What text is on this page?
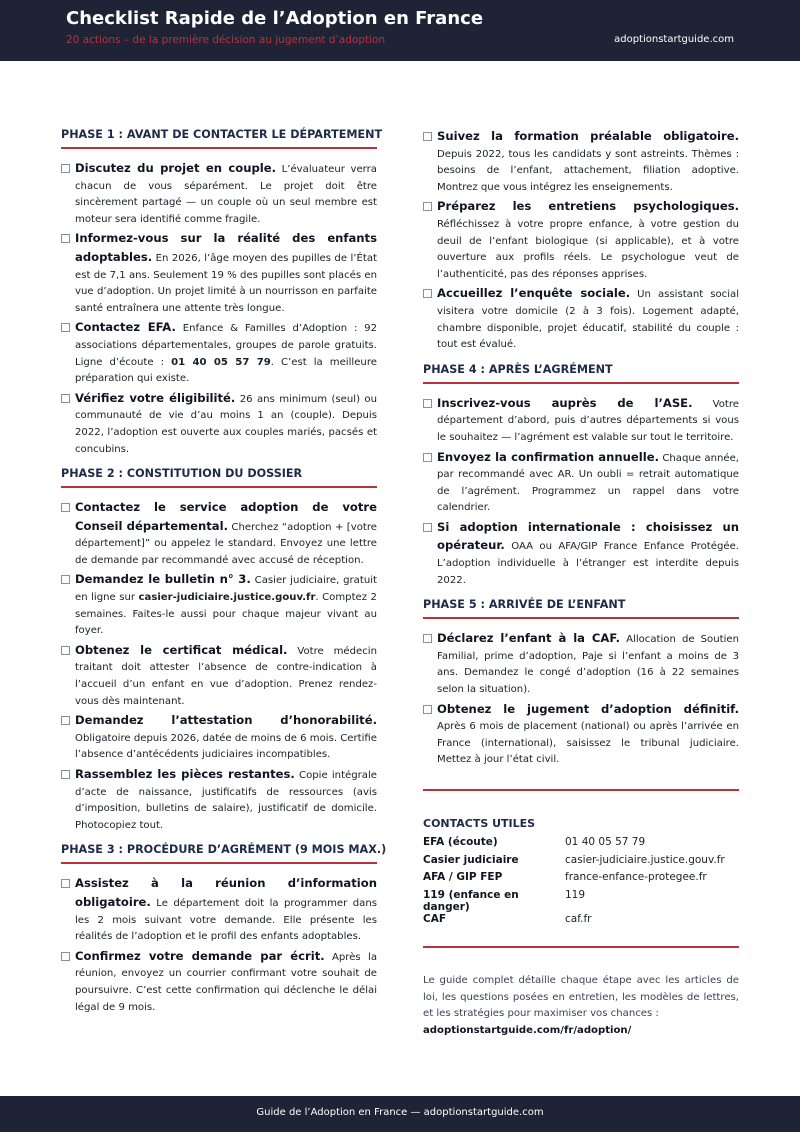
Checklist Rapide de l’Adoption en France
20 actions – de la première décision au jugement d’adoption	adoptionstartguide.com
PHASE 1 : AVANT DE CONTACTER LE DÉPARTEMENT
Discutez du projet en couple. L’évaluateur verra chacun de vous séparément. Le projet doit être sincèrement partagé — un couple où un seul membre est moteur sera identifié comme fragile.
Informez-vous sur la réalité des enfants adoptables. En 2026, l’âge moyen des pupilles de l’État est de 7,1 ans. Seulement 19 % des pupilles sont placés en vue d’adoption. Un projet limité à un nourrisson en parfaite santé entraînera une attente très longue.
Contactez EFA. Enfance & Familles d’Adoption : 92 associations départementales, groupes de parole gratuits. Ligne d’écoute : 01 40 05 57 79. C’est la meilleure préparation qui existe.
Vérifiez votre éligibilité. 26 ans minimum (seul) ou communauté de vie d’au moins 1 an (couple). Depuis 2022, l’adoption est ouverte aux couples mariés, pacsés et concubins.
PHASE 2 : CONSTITUTION DU DOSSIER
Contactez le service adoption de votre Conseil départemental. Cherchez “adoption + [votre département]” ou appelez le standard. Envoyez une lettre de demande par recommandé avec accusé de réception.
Demandez le bulletin n° 3. Casier judiciaire, gratuit en ligne sur casier-judiciaire.justice.gouv.fr. Comptez 2 semaines. Faites-le aussi pour chaque majeur vivant au foyer.
Obtenez le certificat médical. Votre médecin traitant doit attester l’absence de contre-indication à l’accueil d’un enfant en vue d’adoption. Prenez rendez-vous dès maintenant.
Demandez l’attestation d’honorabilité. Obligatoire depuis 2026, datée de moins de 6 mois. Certifie l’absence d’antécédents judiciaires incompatibles.
Rassemblez les pièces restantes. Copie intégrale d’acte de naissance, justificatifs de ressources (avis d’imposition, bulletins de salaire), justificatif de domicile. Photocopiez tout.
PHASE 3 : PROCÉDURE D’AGRÉMENT (9 MOIS MAX.)
Assistez à la réunion d’information obligatoire. Le département doit la programmer dans les 2 mois suivant votre demande. Elle présente les réalités de l’adoption et le profil des enfants adoptables.
Confirmez votre demande par écrit. Après la réunion, envoyez un courrier confirmant votre souhait de poursuivre. C’est cette confirmation qui déclenche le délai légal de 9 mois.
Suivez la formation préalable obligatoire. Depuis 2022, tous les candidats y sont astreints. Thèmes : besoins de l’enfant, attachement, filiation adoptive. Montrez que vous intégrez les enseignements.
Préparez les entretiens psychologiques. Réfléchissez à votre propre enfance, à votre gestion du deuil de l’enfant biologique (si applicable), et à votre ouverture aux profils réels. Le psychologue veut de l’authenticité, pas des réponses apprises.
Accueillez l’enquête sociale. Un assistant social visitera votre domicile (2 à 3 fois). Logement adapté, chambre disponible, projet éducatif, stabilité du couple : tout est évalué.
PHASE 4 : APRÈS L’AGRÉMENT
Inscrivez-vous auprès de l’ASE. Votre département d’abord, puis d’autres départements si vous le souhaitez — l’agrément est valable sur tout le territoire.
Envoyez la confirmation annuelle. Chaque année, par recommandé avec AR. Un oubli = retrait automatique de l’agrément. Programmez un rappel dans votre calendrier.
Si adoption internationale : choisissez un opérateur. OAA ou AFA/GIP France Enfance Protégée. L’adoption individuelle à l’étranger est interdite depuis 2022.
PHASE 5 : ARRIVÉE DE L’ENFANT
Déclarez l’enfant à la CAF. Allocation de Soutien Familial, prime d’adoption, Paje si l’enfant a moins de 3 ans. Demandez le congé d’adoption (16 à 22 semaines selon la situation).
Obtenez le jugement d’adoption définitif. Après 6 mois de placement (national) ou après l’arrivée en France (international), saisissez le tribunal judiciaire. Mettez à jour l’état civil.
CONTACTS UTILES
EFA (écoute)	01 40 05 57 79
Casier judiciaire	casier-judiciaire.justice.gouv.fr
AFA / GIP FEP	france-enfance-protegee.fr
119 (enfance en danger)	119
CAF	caf.fr
Le guide complet détaille chaque étape avec les articles de loi, les questions posées en entretien, les modèles de lettres, et les stratégies pour maximiser vos chances :
adoptionstartguide.com/fr/adoption/
Guide de l’Adoption en France — adoptionstartguide.com
